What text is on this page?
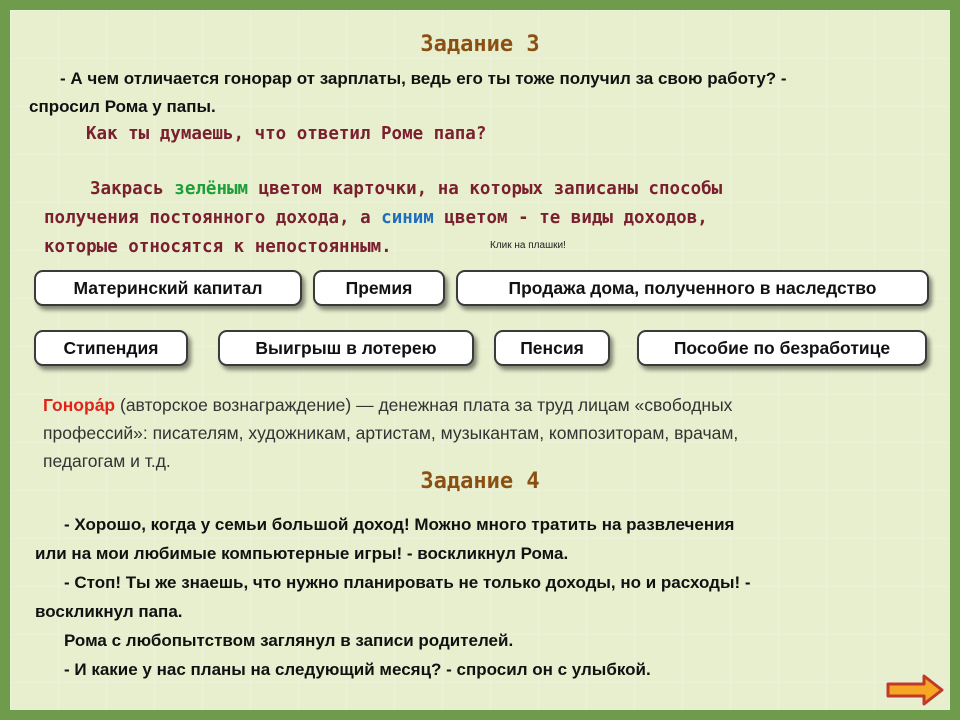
Задание 3
- А чем отличается гонорар от зарплаты, ведь его ты тоже получил за свою работу? -
спросил Рома у папы.
Как ты думаешь, что ответил Роме папа?
Закрась зелёным цветом карточки, на которых записаны способы
получения постоянного дохода, а синим цветом - те виды доходов,
которые относятся к непостоянным.	Клик на плашки!
Материнский капитал	Премия	Продажа дома, полученного в наследство
Стипендия	Выигрыш в лотерею	Пенсия	Пособие по безработице
Гонора́р (авторское вознаграждение) — денежная плата за труд лицам «свободных
профессий»: писателям, художникам, артистам, музыкантам, композиторам, врачам,
педагогам и т.д.
Задание 4
- Хорошо, когда у семьи большой доход! Можно много тратить на развлечения
или на мои любимые компьютерные игры! - воскликнул Рома.
- Стоп! Ты же знаешь, что нужно планировать не только доходы, но и расходы! -
воскликнул папа.
Рома с любопытством заглянул в записи родителей.
- И какие у нас планы на следующий месяц? - спросил он с улыбкой.
